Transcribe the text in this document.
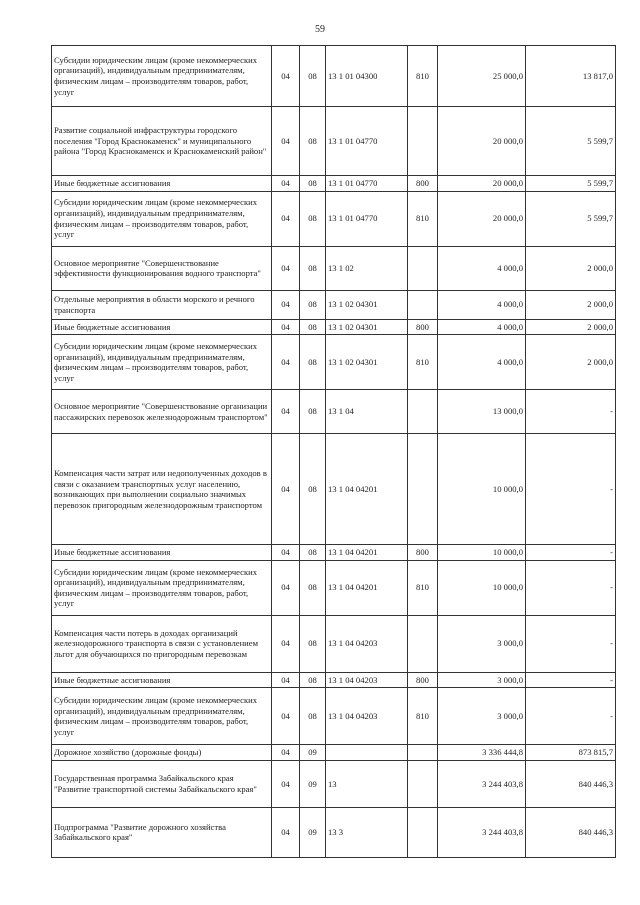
59
Субсидии юридическим лицам (кроме некоммерческих организаций), индивидуальным предпринимателям, физическим лицам – производителям товаров, работ, услуг	04	08	13 1 01 04300	810	25 000,0	13 817,0
Развитие социальной инфраструктуры городского поселения "Город Краснокаменск" и муниципального района "Город Краснокаменск и Краснокаменский район"	04	08	13 1 01 04770		20 000,0	5 599,7
Иные бюджетные ассигнования	04	08	13 1 01 04770	800	20 000,0	5 599,7
Субсидии юридическим лицам (кроме некоммерческих организаций), индивидуальным предпринимателям, физическим лицам – производителям товаров, работ, услуг	04	08	13 1 01 04770	810	20 000,0	5 599,7
Основное мероприятие "Совершенствование эффективности функционирования водного транспорта"	04	08	13 1 02		4 000,0	2 000,0
Отдельные мероприятия в области морского и речного транспорта	04	08	13 1 02 04301		4 000,0	2 000,0
Иные бюджетные ассигнования	04	08	13 1 02 04301	800	4 000,0	2 000,0
Субсидии юридическим лицам (кроме некоммерческих организаций), индивидуальным предпринимателям, физическим лицам – производителям товаров, работ, услуг	04	08	13 1 02 04301	810	4 000,0	2 000,0
Основное мероприятие "Совершенствование организации пассажирских перевозок железнодорожным транспортом"	04	08	13 1 04		13 000,0	-
Компенсация части затрат или недополученных доходов в связи с оказанием транспортных услуг населению, возникающих при выполнении социально значимых перевозок пригородным железнодорожным транспортом	04	08	13 1 04 04201		10 000,0	-
Иные бюджетные ассигнования	04	08	13 1 04 04201	800	10 000,0	-
Субсидии юридическим лицам (кроме некоммерческих организаций), индивидуальным предпринимателям, физическим лицам – производителям товаров, работ, услуг	04	08	13 1 04 04201	810	10 000,0	-
Компенсация части потерь в доходах организаций железнодорожного транспорта в связи с установлением льгот для обучающихся по пригородным перевозкам	04	08	13 1 04 04203		3 000,0	-
Иные бюджетные ассигнования	04	08	13 1 04 04203	800	3 000,0	-
Субсидии юридическим лицам (кроме некоммерческих организаций), индивидуальным предпринимателям, физическим лицам – производителям товаров, работ, услуг	04	08	13 1 04 04203	810	3 000,0	-
Дорожное хозяйство (дорожные фонды)	04	09			3 336 444,8	873 815,7
Государственная программа Забайкальского края "Развитие транспортной системы Забайкальского края"	04	09	13		3 244 403,8	840 446,3
Подпрограмма "Развитие дорожного хозяйства Забайкальского края"	04	09	13 3		3 244 403,8	840 446,3
